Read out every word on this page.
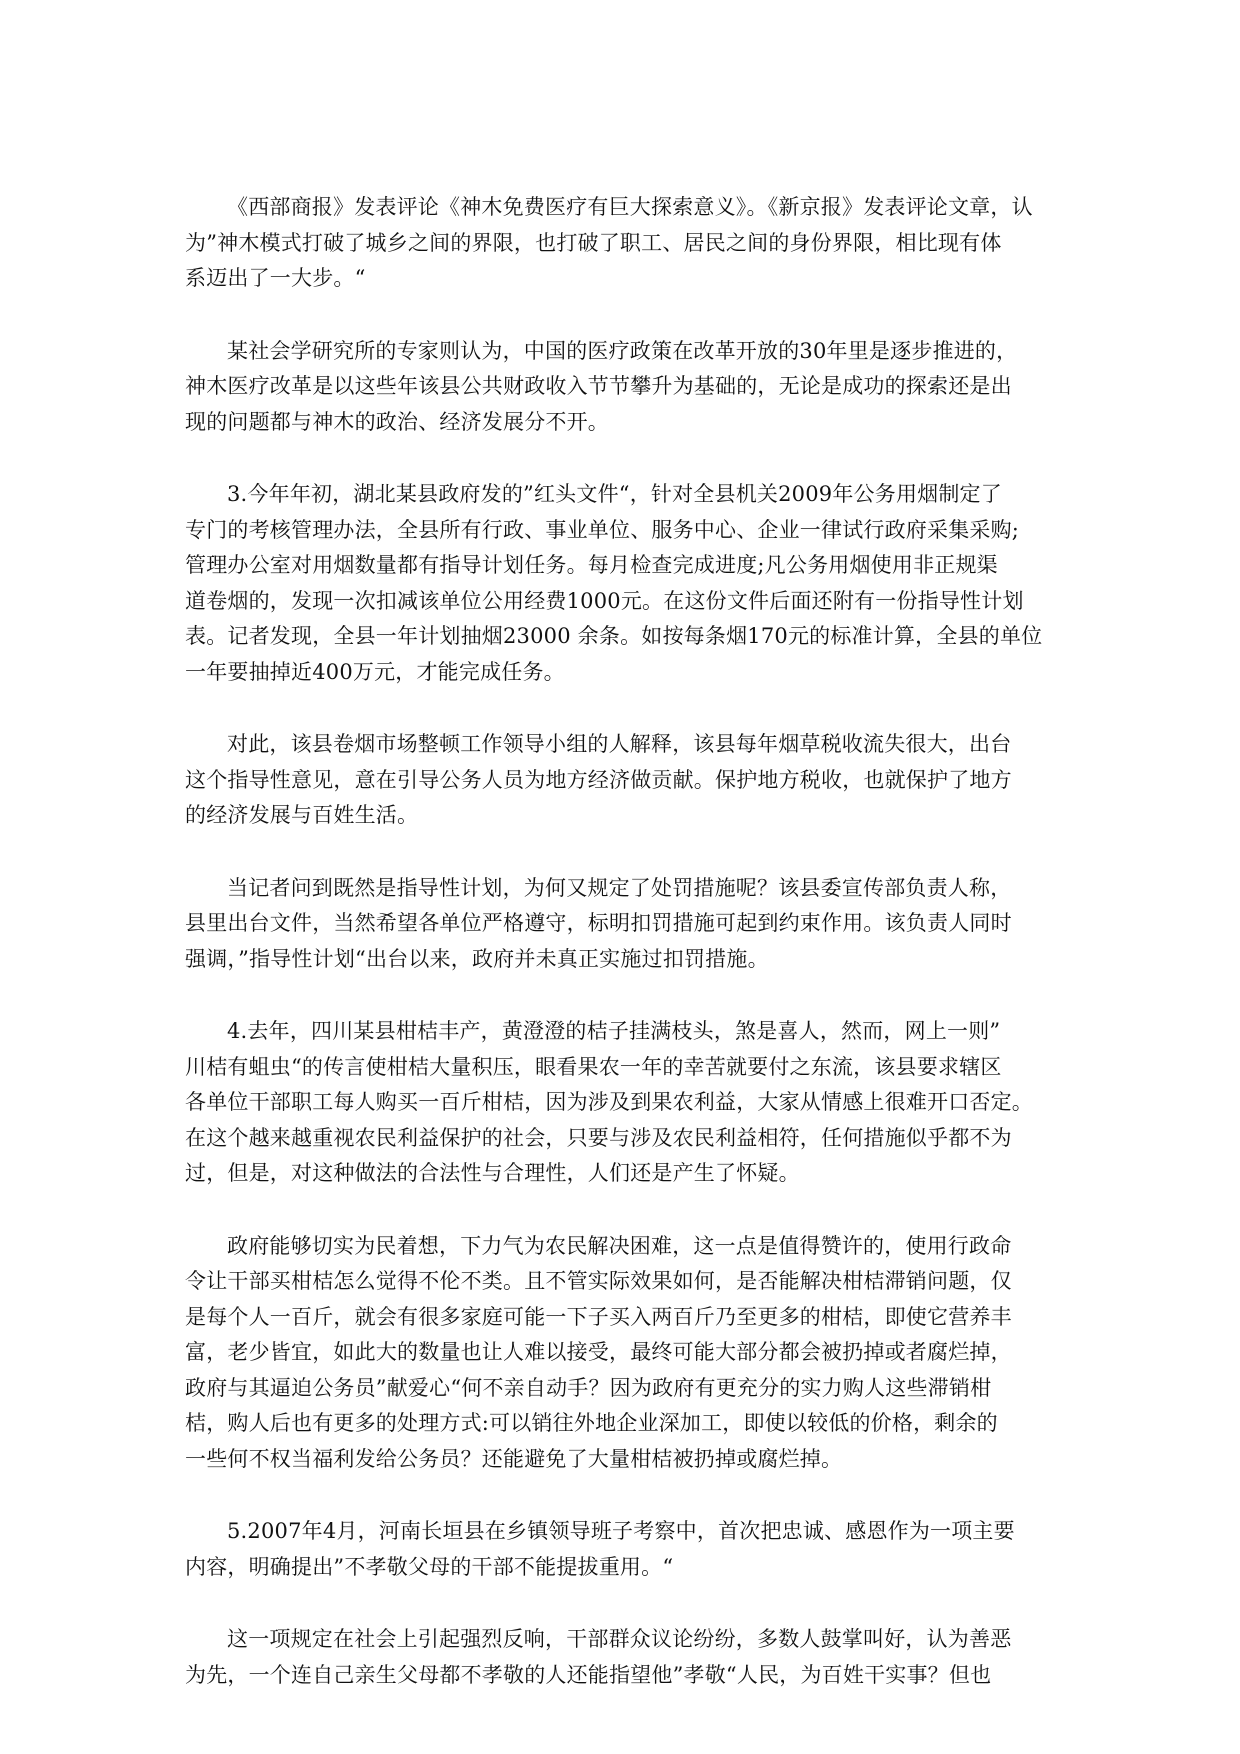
《西部商报》发表评论《神木免费医疗有巨大探索意义》。《新京报》发表评论文章，认
为”神木模式打破了城乡之间的界限，也打破了职工、居民之间的身份界限，相比现有体
系迈出了一大步。“
某社会学研究所的专家则认为，中国的医疗政策在改革开放的30年里是逐步推进的，
神木医疗改革是以这些年该县公共财政收入节节攀升为基础的，无论是成功的探索还是出
现的问题都与神木的政治、经济发展分不开。
3.今年年初，湖北某县政府发的”红头文件“，针对全县机关2009年公务用烟制定了
专门的考核管理办法，全县所有行政、事业单位、服务中心、企业一律试行政府采集采购;
管理办公室对用烟数量都有指导计划任务。每月检查完成进度;凡公务用烟使用非正规渠
道卷烟的，发现一次扣减该单位公用经费1000元。在这份文件后面还附有一份指导性计划
表。记者发现，全县一年计划抽烟23000 余条。如按每条烟170元的标准计算，全县的单位
一年要抽掉近400万元，才能完成任务。
对此，该县卷烟市场整顿工作领导小组的人解释，该县每年烟草税收流失很大，出台
这个指导性意见，意在引导公务人员为地方经济做贡献。保护地方税收，也就保护了地方
的经济发展与百姓生活。
当记者问到既然是指导性计划，为何又规定了处罚措施呢？该县委宣传部负责人称，
县里出台文件，当然希望各单位严格遵守，标明扣罚措施可起到约束作用。该负责人同时
强调，”指导性计划“出台以来，政府并未真正实施过扣罚措施。
4.去年，四川某县柑桔丰产，黄澄澄的桔子挂满枝头，煞是喜人，然而，网上一则”
川桔有蛆虫“的传言使柑桔大量积压，眼看果农一年的幸苦就要付之东流，该县要求辖区
各单位干部职工每人购买一百斤柑桔，因为涉及到果农利益，大家从情感上很难开口否定。
在这个越来越重视农民利益保护的社会，只要与涉及农民利益相符，任何措施似乎都不为
过，但是，对这种做法的合法性与合理性，人们还是产生了怀疑。
政府能够切实为民着想，下力气为农民解决困难，这一点是值得赞许的，使用行政命
令让干部买柑桔怎么觉得不伦不类。且不管实际效果如何，是否能解决柑桔滞销问题，仅
是每个人一百斤，就会有很多家庭可能一下子买入两百斤乃至更多的柑桔，即使它营养丰
富，老少皆宜，如此大的数量也让人难以接受，最终可能大部分都会被扔掉或者腐烂掉，
政府与其逼迫公务员”献爱心“何不亲自动手？因为政府有更充分的实力购人这些滞销柑
桔，购人后也有更多的处理方式:可以销往外地企业深加工，即使以较低的价格，剩余的
一些何不权当福利发给公务员？还能避免了大量柑桔被扔掉或腐烂掉。
5.2007年4月，河南长垣县在乡镇领导班子考察中，首次把忠诚、感恩作为一项主要
内容，明确提出”不孝敬父母的干部不能提拔重用。“
这一项规定在社会上引起强烈反响，干部群众议论纷纷，多数人鼓掌叫好，认为善恶
为先，一个连自己亲生父母都不孝敬的人还能指望他”孝敬“人民，为百姓干实事？但也
